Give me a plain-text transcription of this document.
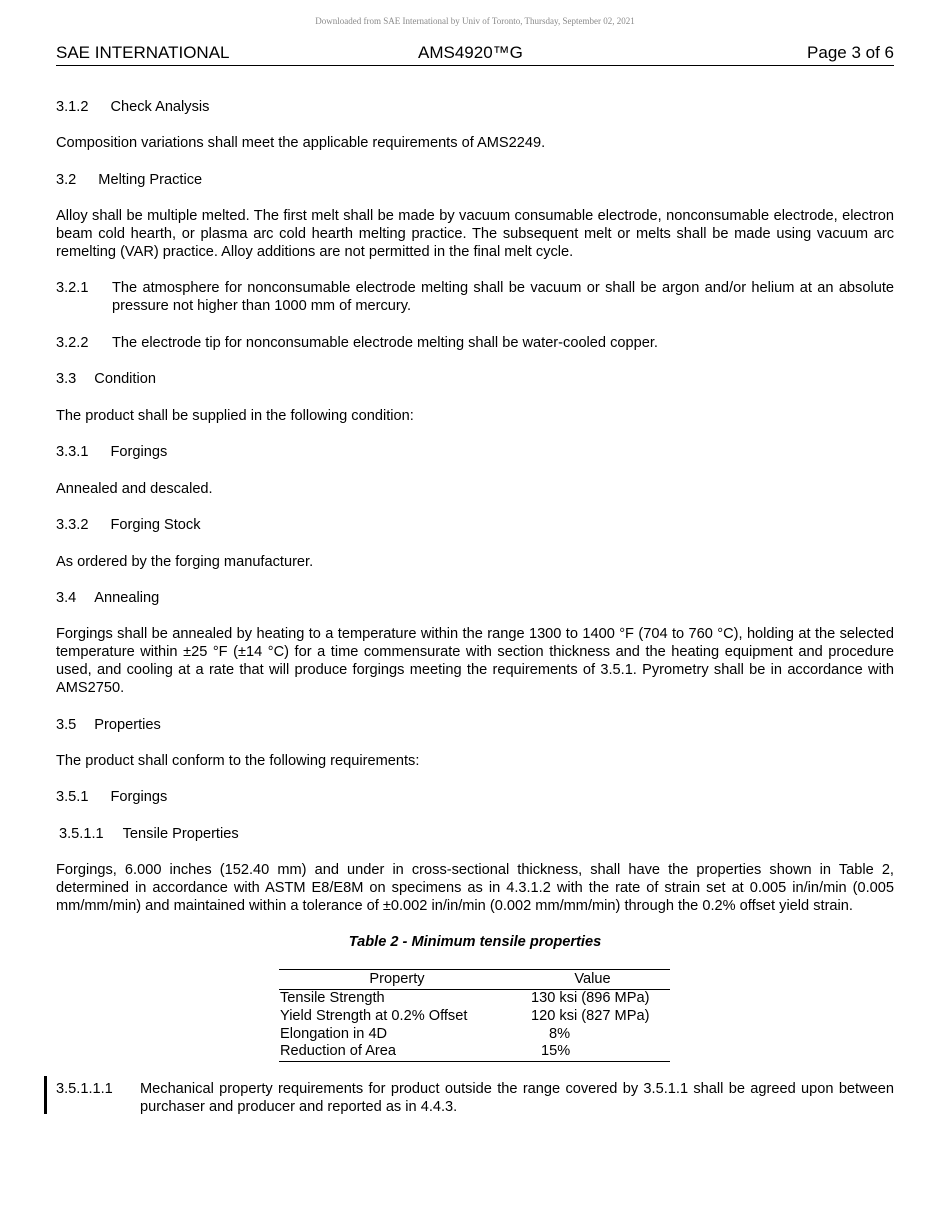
Downloaded from SAE International by Univ of Toronto, Thursday, September 02, 2021
SAE INTERNATIONAL	AMS4920™G	Page 3 of 6
3.1.2 Check Analysis
Composition variations shall meet the applicable requirements of AMS2249.
3.2 Melting Practice
Alloy shall be multiple melted. The first melt shall be made by vacuum consumable electrode, nonconsumable electrode, electron beam cold hearth, or plasma arc cold hearth melting practice. The subsequent melt or melts shall be made using vacuum arc remelting (VAR) practice. Alloy additions are not permitted in the final melt cycle.
3.2.1 The atmosphere for nonconsumable electrode melting shall be vacuum or shall be argon and/or helium at an absolute pressure not higher than 1000 mm of mercury.
3.2.2 The electrode tip for nonconsumable electrode melting shall be water-cooled copper.
3.3 Condition
The product shall be supplied in the following condition:
3.3.1 Forgings
Annealed and descaled.
3.3.2 Forging Stock
As ordered by the forging manufacturer.
3.4 Annealing
Forgings shall be annealed by heating to a temperature within the range 1300 to 1400 °F (704 to 760 °C), holding at the selected temperature within ±25 °F (±14 °C) for a time commensurate with section thickness and the heating equipment and procedure used, and cooling at a rate that will produce forgings meeting the requirements of 3.5.1. Pyrometry shall be in accordance with AMS2750.
3.5 Properties
The product shall conform to the following requirements:
3.5.1 Forgings
3.5.1.1 Tensile Properties
Forgings, 6.000 inches (152.40 mm) and under in cross-sectional thickness, shall have the properties shown in Table 2, determined in accordance with ASTM E8/E8M on specimens as in 4.3.1.2 with the rate of strain set at 0.005 in/in/min (0.005 mm/mm/min) and maintained within a tolerance of ±0.002 in/in/min (0.002 mm/mm/min) through the 0.2% offset yield strain.
Table 2 - Minimum tensile properties
Property	Value
Tensile Strength	130 ksi (896 MPa)
Yield Strength at 0.2% Offset	120 ksi (827 MPa)
Elongation in 4D	8%
Reduction of Area	15%
3.5.1.1.1 Mechanical property requirements for product outside the range covered by 3.5.1.1 shall be agreed upon between purchaser and producer and reported as in 4.4.3.
